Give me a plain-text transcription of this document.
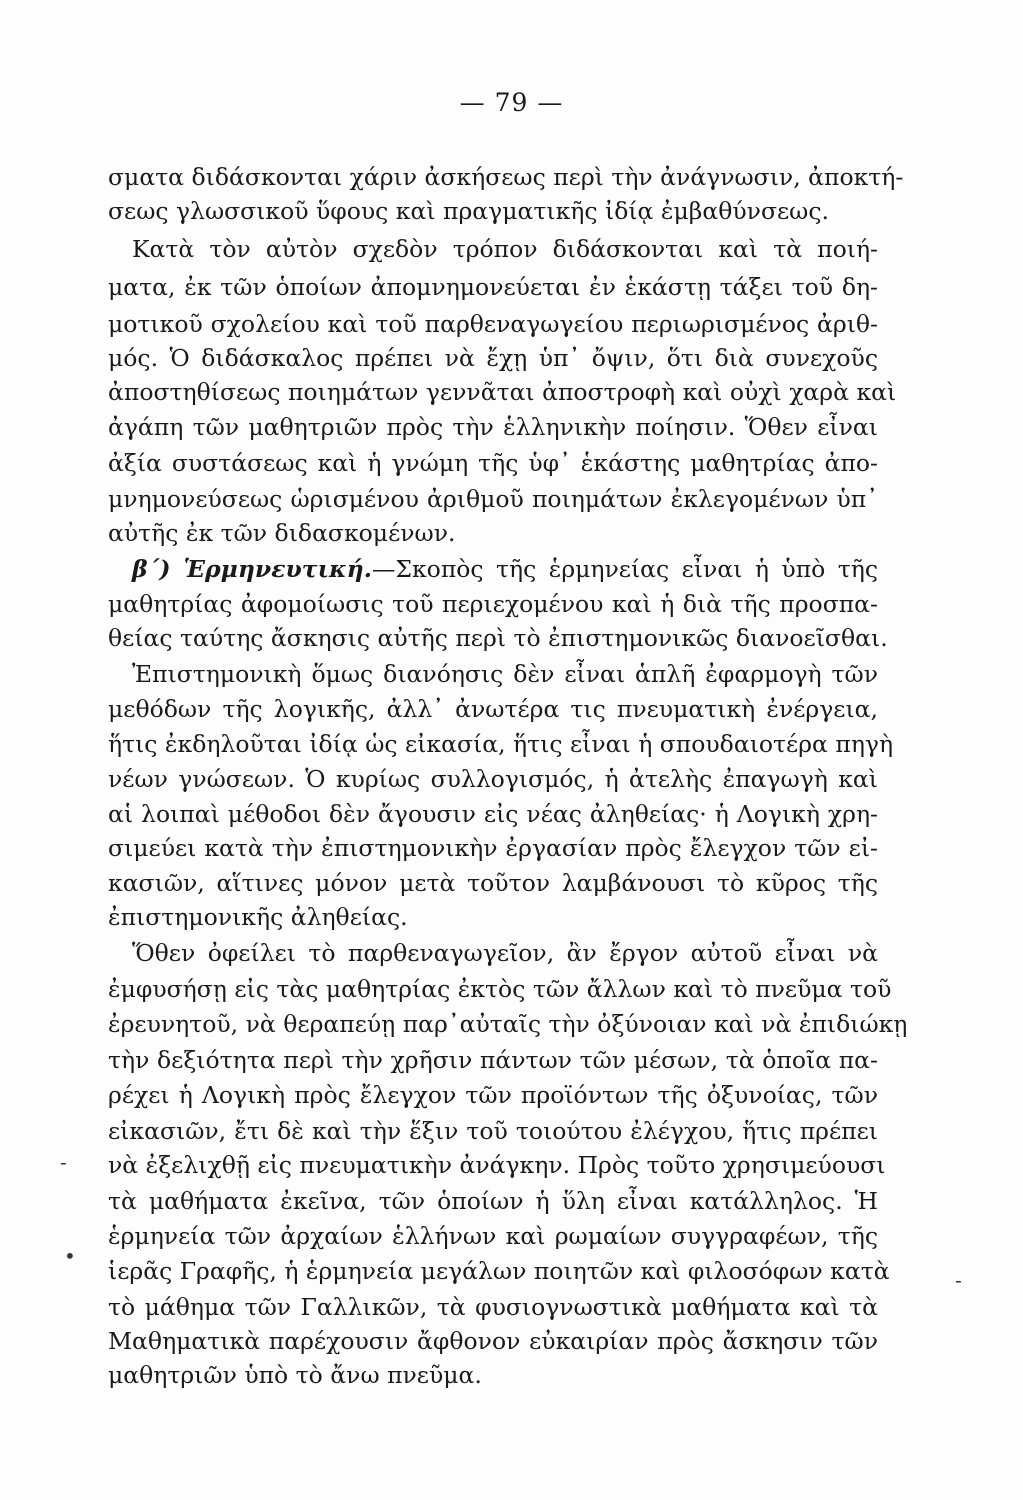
— 79 —
σματα διδάσκονται χάριν ἀσκήσεως περὶ τὴν ἀνάγνωσιν, ἀποκτή-
σεως γλωσσικοῦ ὕφους καὶ πραγματικῆς ἰδίᾳ ἐμβαθύνσεως.
Κατὰ τὸν αὐτὸν σχεδὸν τρόπον διδάσκονται καὶ τὰ ποιή-
ματα, ἐκ τῶν ὁποίων ἀπομνημονεύεται ἐν ἑκάστῃ τάξει τοῦ δη-
μοτικοῦ σχολείου καὶ τοῦ παρθεναγωγείου περιωρισμένος ἀριθ-
μός. Ὁ διδάσκαλος πρέπει νὰ ἔχῃ ὑπ᾽ ὄψιν, ὅτι διὰ συνεχοῦς
ἀποστηθίσεως ποιημάτων γεννᾶται ἀποστροφὴ καὶ οὐχὶ χαρὰ καὶ
ἀγάπη τῶν μαθητριῶν πρὸς τὴν ἑλληνικὴν ποίησιν. Ὅθεν εἶναι
ἀξία συστάσεως καὶ ἡ γνώμη τῆς ὑφ᾽ ἑκάστης μαθητρίας ἀπο-
μνημονεύσεως ὡρισμένου ἀριθμοῦ ποιημάτων ἐκλεγομένων ὑπ᾽
αὐτῆς ἐκ τῶν διδασκομένων.
β´) Ἑρμηνευτική.—Σκοπὸς τῆς ἑρμηνείας εἶναι ἡ ὑπὸ τῆς
μαθητρίας ἀφομοίωσις τοῦ περιεχομένου καὶ ἡ διὰ τῆς προσπα-
θείας ταύτης ἄσκησις αὐτῆς περὶ τὸ ἐπιστημονικῶς διανοεῖσθαι.
Ἐπιστημονικὴ ὅμως διανόησις δὲν εἶναι ἁπλῆ ἐφαρμογὴ τῶν
μεθόδων τῆς λογικῆς, ἀλλ᾽ ἀνωτέρα τις πνευματικὴ ἐνέργεια,
ἥτις ἐκδηλοῦται ἰδίᾳ ὡς εἰκασία, ἥτις εἶναι ἡ σπουδαιοτέρα πηγὴ
νέων γνώσεων. Ὁ κυρίως συλλογισμός, ἡ ἀτελὴς ἐπαγωγὴ καὶ
αἱ λοιπαὶ μέθοδοι δὲν ἄγουσιν εἰς νέας ἀληθείας· ἡ Λογικὴ χρη-
σιμεύει κατὰ τὴν ἐπιστημονικὴν ἐργασίαν πρὸς ἔλεγχον τῶν εἰ-
κασιῶν, αἵτινες μόνον μετὰ τοῦτον λαμβάνουσι τὸ κῦρος τῆς
ἐπιστημονικῆς ἀληθείας.
Ὅθεν ὀφείλει τὸ παρθεναγωγεῖον, ἂν ἔργον αὐτοῦ εἶναι νὰ
ἐμφυσήσῃ εἰς τὰς μαθητρίας ἐκτὸς τῶν ἄλλων καὶ τὸ πνεῦμα τοῦ
ἐρευνητοῦ, νὰ θεραπεύῃ παρ᾽αὐταῖς τὴν ὀξύνοιαν καὶ νὰ ἐπιδιώκῃ
τὴν δεξιότητα περὶ τὴν χρῆσιν πάντων τῶν μέσων, τὰ ὁποῖα πα-
ρέχει ἡ Λογικὴ πρὸς ἔλεγχον τῶν προϊόντων τῆς ὀξυνοίας, τῶν
εἰκασιῶν, ἔτι δὲ καὶ τὴν ἕξιν τοῦ τοιούτου ἐλέγχου, ἥτις πρέπει
νὰ ἐξελιχθῇ εἰς πνευματικὴν ἀνάγκην. Πρὸς τοῦτο χρησιμεύουσι
τὰ μαθήματα ἐκεῖνα, τῶν ὁποίων ἡ ὕλη εἶναι κατάλληλος. Ἡ
ἑρμηνεία τῶν ἀρχαίων ἑλλήνων καὶ ρωμαίων συγγραφέων, τῆς
ἱερᾶς Γραφῆς, ἡ ἑρμηνεία μεγάλων ποιητῶν καὶ φιλοσόφων κατὰ
τὸ μάθημα τῶν Γαλλικῶν, τὰ φυσιογνωστικὰ μαθήματα καὶ τὰ
Μαθηματικὰ παρέχουσιν ἄφθονον εὐκαιρίαν πρὸς ἄσκησιν τῶν
μαθητριῶν ὑπὸ τὸ ἄνω πνεῦμα.
-
•
-
